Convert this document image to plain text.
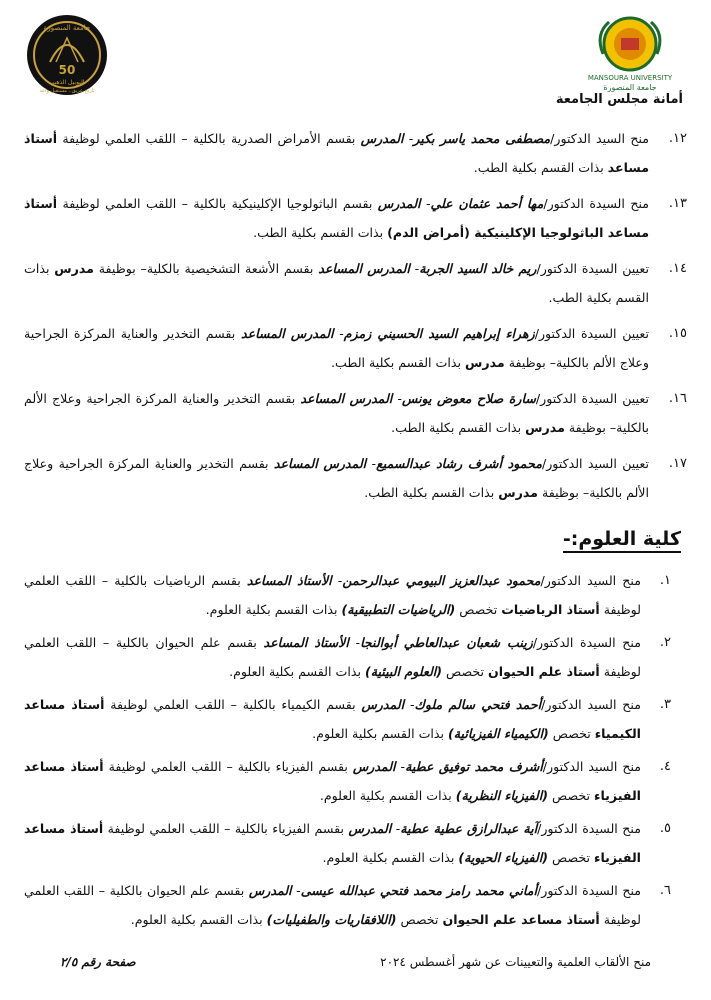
MANSOURA UNIVERSITY
جامعة المنصورة
جامعة المنصورة
50
اليوبيل الذهبي
تاريخ عريق.. مستقبل واعد
أمانة مجلس الجامعة
١٢.
منح السيد الدكتور/مصطفى محمد ياسر بكير- المدرس بقسم الأمراض الصدرية بالكلية – اللقب العلمي لوظيفة أستاذ مساعد بذات القسم بكلية الطب.
١٣.
منح السيدة الدكتور/مها أحمد عثمان علي- المدرس بقسم الباثولوجيا الإكلينيكية بالكلية – اللقب العلمي لوظيفة أستاذ مساعد الباثولوجيا الإكلينيكية (أمراض الدم) بذات القسم بكلية الطب.
١٤.
تعيين السيدة الدكتور/ريم خالد السيد الجربة- المدرس المساعد بقسم الأشعة التشخيصية بالكلية– بوظيفة مدرس بذات القسم بكلية الطب.
١٥.
تعيين السيدة الدكتور/زهراء إبراهيم السيد الحسيني زمزم- المدرس المساعد بقسم التخدير والعناية المركزة الجراحية وعلاج الألم بالكلية– بوظيفة مدرس بذات القسم بكلية الطب.
١٦.
تعيين السيدة الدكتور/سارة صلاح معوض يونس- المدرس المساعد بقسم التخدير والعناية المركزة الجراحية وعلاج الألم بالكلية– بوظيفة مدرس بذات القسم بكلية الطب.
١٧.
تعيين السيد الدكتور/محمود أشرف رشاد عبدالسميع- المدرس المساعد بقسم التخدير والعناية المركزة الجراحية وعلاج الألم بالكلية– بوظيفة مدرس بذات القسم بكلية الطب.
كلية العلوم:-
١.
منح السيد الدكتور/محمود عبدالعزيز البيومي عبدالرحمن- الأستاذ المساعد بقسم الرياضيات بالكلية – اللقب العلمي لوظيفة أستاذ الرياضيات تخصص (الرياضيات التطبيقية) بذات القسم بكلية العلوم.
٢.
منح السيدة الدكتور/زينب شعبان عبدالعاطي أبوالنجا- الأستاذ المساعد بقسم علم الحيوان بالكلية – اللقب العلمي لوظيفة أستاذ علم الحيوان تخصص (العلوم البيئية) بذات القسم بكلية العلوم.
٣.
منح السيد الدكتور/أحمد فتحي سالم ملوك- المدرس بقسم الكيمياء بالكلية – اللقب العلمي لوظيفة أستاذ مساعد الكيمياء تخصص (الكيمياء الفيزيائية) بذات القسم بكلية العلوم.
٤.
منح السيد الدكتور/أشرف محمد توفيق عطية- المدرس بقسم الفيزياء بالكلية – اللقب العلمي لوظيفة أستاذ مساعد الفيزياء تخصص (الفيزياء النظرية) بذات القسم بكلية العلوم.
٥.
منح السيدة الدكتور/آية عبدالرازق عطية عطية- المدرس بقسم الفيزياء بالكلية – اللقب العلمي لوظيفة أستاذ مساعد الفيزياء تخصص (الفيزياء الحيوية) بذات القسم بكلية العلوم.
٦.
منح السيدة الدكتور/أماني محمد رامز محمد فتحي عبدالله عيسى- المدرس بقسم علم الحيوان بالكلية – اللقب العلمي لوظيفة أستاذ مساعد علم الحيوان تخصص (اللافقاريات والطفيليات) بذات القسم بكلية العلوم.
منح الألقاب العلمية والتعيينات عن شهر أغسطس ٢٠٢٤
صفحة رقم ٢/٥
